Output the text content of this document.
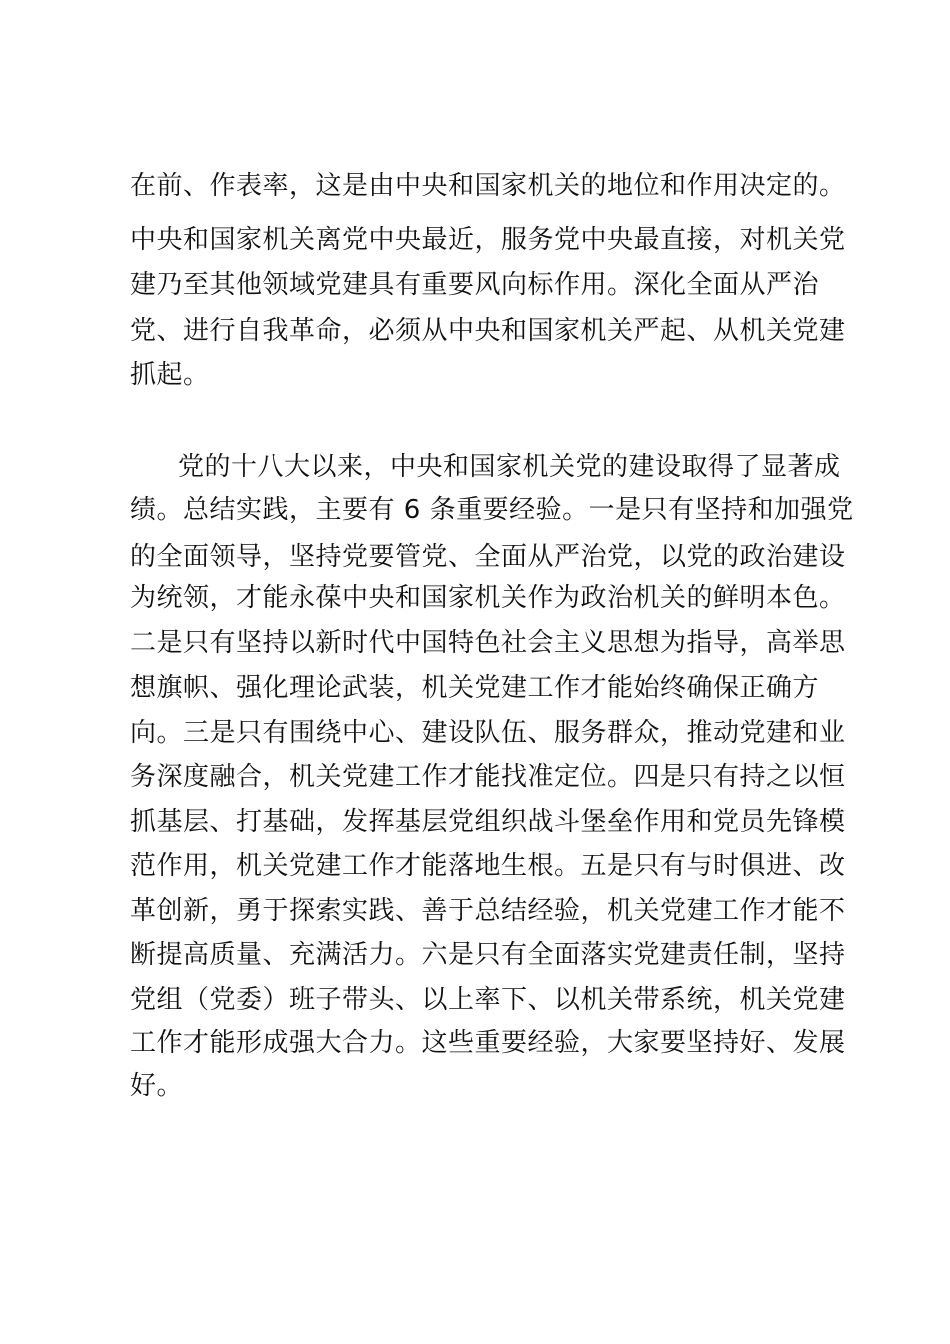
在前、作表率，这是由中央和国家机关的地位和作用决定的。
中央和国家机关离党中央最近，服务党中央最直接，对机关党
建乃至其他领域党建具有重要风向标作用。深化全面从严治
党、进行自我革命，必须从中央和国家机关严起、从机关党建
抓起。
党的十八大以来，中央和国家机关党的建设取得了显著成
绩。总结实践，主要有 6 条重要经验。一是只有坚持和加强党
的全面领导，坚持党要管党、全面从严治党，以党的政治建设
为统领，才能永葆中央和国家机关作为政治机关的鲜明本色。
二是只有坚持以新时代中国特色社会主义思想为指导，高举思
想旗帜、强化理论武装，机关党建工作才能始终确保正确方
向。三是只有围绕中心、建设队伍、服务群众，推动党建和业
务深度融合，机关党建工作才能找准定位。四是只有持之以恒
抓基层、打基础，发挥基层党组织战斗堡垒作用和党员先锋模
范作用，机关党建工作才能落地生根。五是只有与时俱进、改
革创新，勇于探索实践、善于总结经验，机关党建工作才能不
断提高质量、充满活力。六是只有全面落实党建责任制，坚持
党组（党委）班子带头、以上率下、以机关带系统，机关党建
工作才能形成强大合力。这些重要经验，大家要坚持好、发展
好。
